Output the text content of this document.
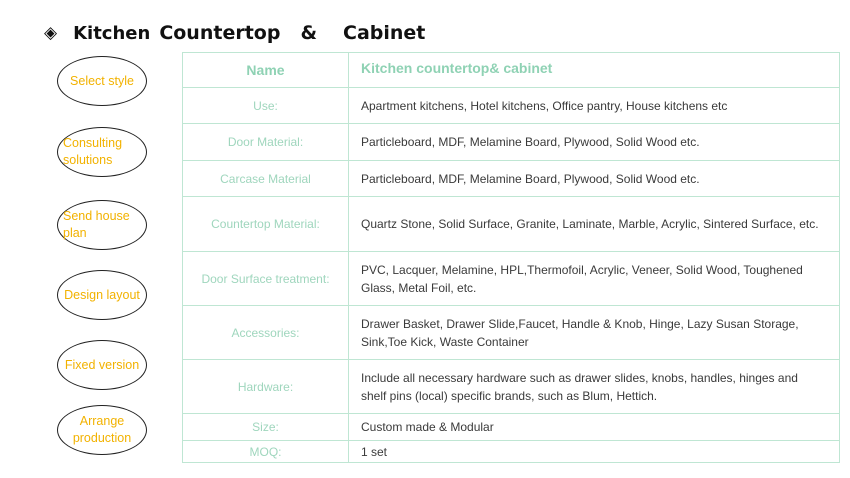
◈ Kitchen Countertop & Cabinet
Select style
Consulting solutions
Send house plan
Design layout
Fixed version
Arrange production
Name	Kitchen countertop& cabinet
Use:	Apartment kitchens, Hotel kitchens, Office pantry, House kitchens etc
Door Material:	Particleboard, MDF, Melamine Board, Plywood, Solid Wood etc.
Carcase Material	Particleboard, MDF, Melamine Board, Plywood, Solid Wood etc.
Countertop Material:	Quartz Stone, Solid Surface, Granite, Laminate, Marble, Acrylic, Sintered Surface, etc.
Door Surface treatment:	PVC, Lacquer, Melamine, HPL,Thermofoil, Acrylic, Veneer, Solid Wood, Toughened Glass, Metal Foil, etc.
Accessories:	Drawer Basket, Drawer Slide,Faucet, Handle & Knob, Hinge, Lazy Susan Storage, Sink,Toe Kick, Waste Container
Hardware:	Include all necessary hardware such as drawer slides, knobs, handles, hinges and shelf pins (local) specific brands, such as Blum, Hettich.
Size:	Custom made & Modular
MOQ:	1 set
